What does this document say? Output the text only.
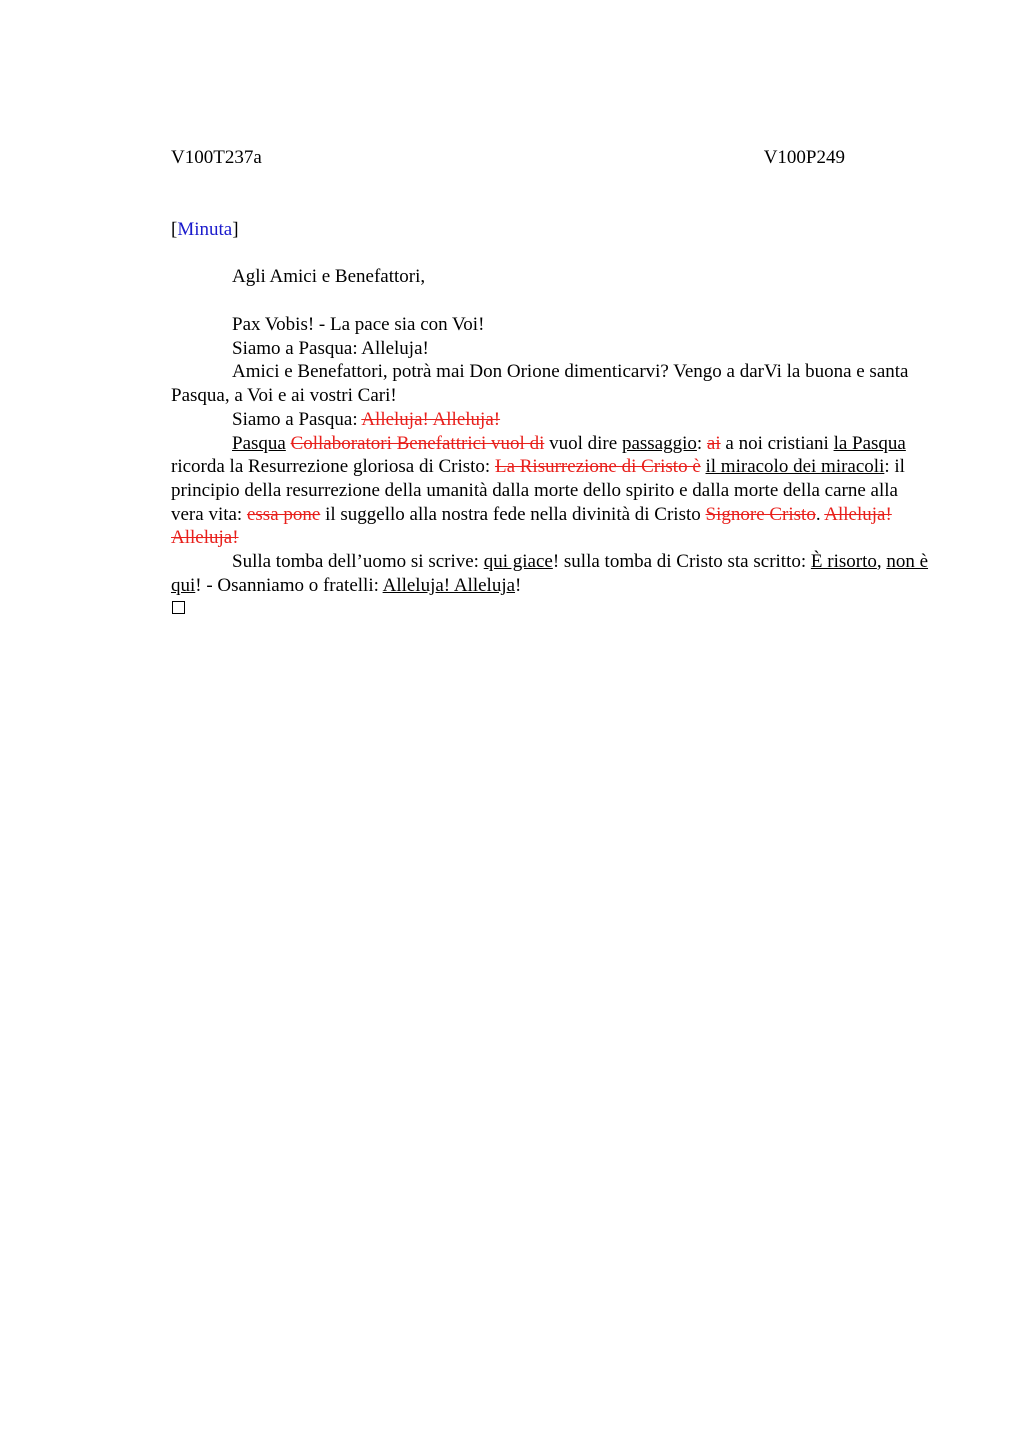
V100T237a	V100P249
[Minuta]
Agli Amici e Benefattori,

Pax Vobis! - La pace sia con Voi!

Siamo a Pasqua: Alleluja!

Amici e Benefattori, potrà mai Don Orione dimenticarvi? Vengo a darVi la buona e santa Pasqua, a Voi e ai vostri Cari!

Siamo a Pasqua: Alleluja! Alleluja!

Pasqua Collaboratori Benefattrici vuol di vuol dire passaggio: ai a noi cristiani la Pasqua ricorda la Resurrezione gloriosa di Cristo: La Risurrezione di Cristo è il miracolo dei miracoli: il principio della resurrezione della umanità dalla morte dello spirito e dalla morte della carne alla vera vita: essa pone il suggello alla nostra fede nella divinità di Cristo Signore Cristo. Alleluja! Alleluja!

Sulla tomba dell’uomo si scrive: qui giace! sulla tomba di Cristo sta scritto: È risorto, non è qui! - Osanniamo o fratelli: Alleluja! Alleluja!
